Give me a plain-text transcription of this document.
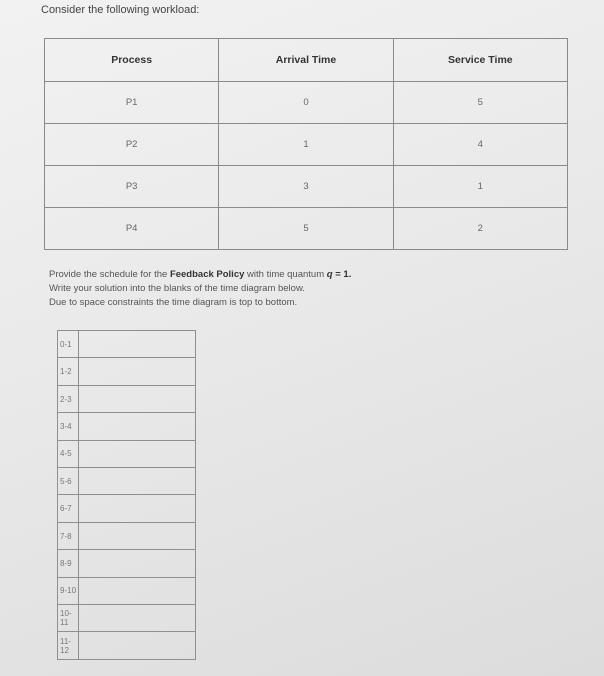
Consider the following workload:
Process	Arrival Time	Service Time
P1	0	5
P2	1	4
P3	3	1
P4	5	2
Provide the schedule for the Feedback Policy with time quantum q = 1.
Write your solution into the blanks of the time diagram below.
Due to space constraints the time diagram is top to bottom.
0-1	
1-2	
2-3	
3-4	
4-5	
5-6	
6-7	
7-8	
8-9	
9-10	
10-11	
11-12	
